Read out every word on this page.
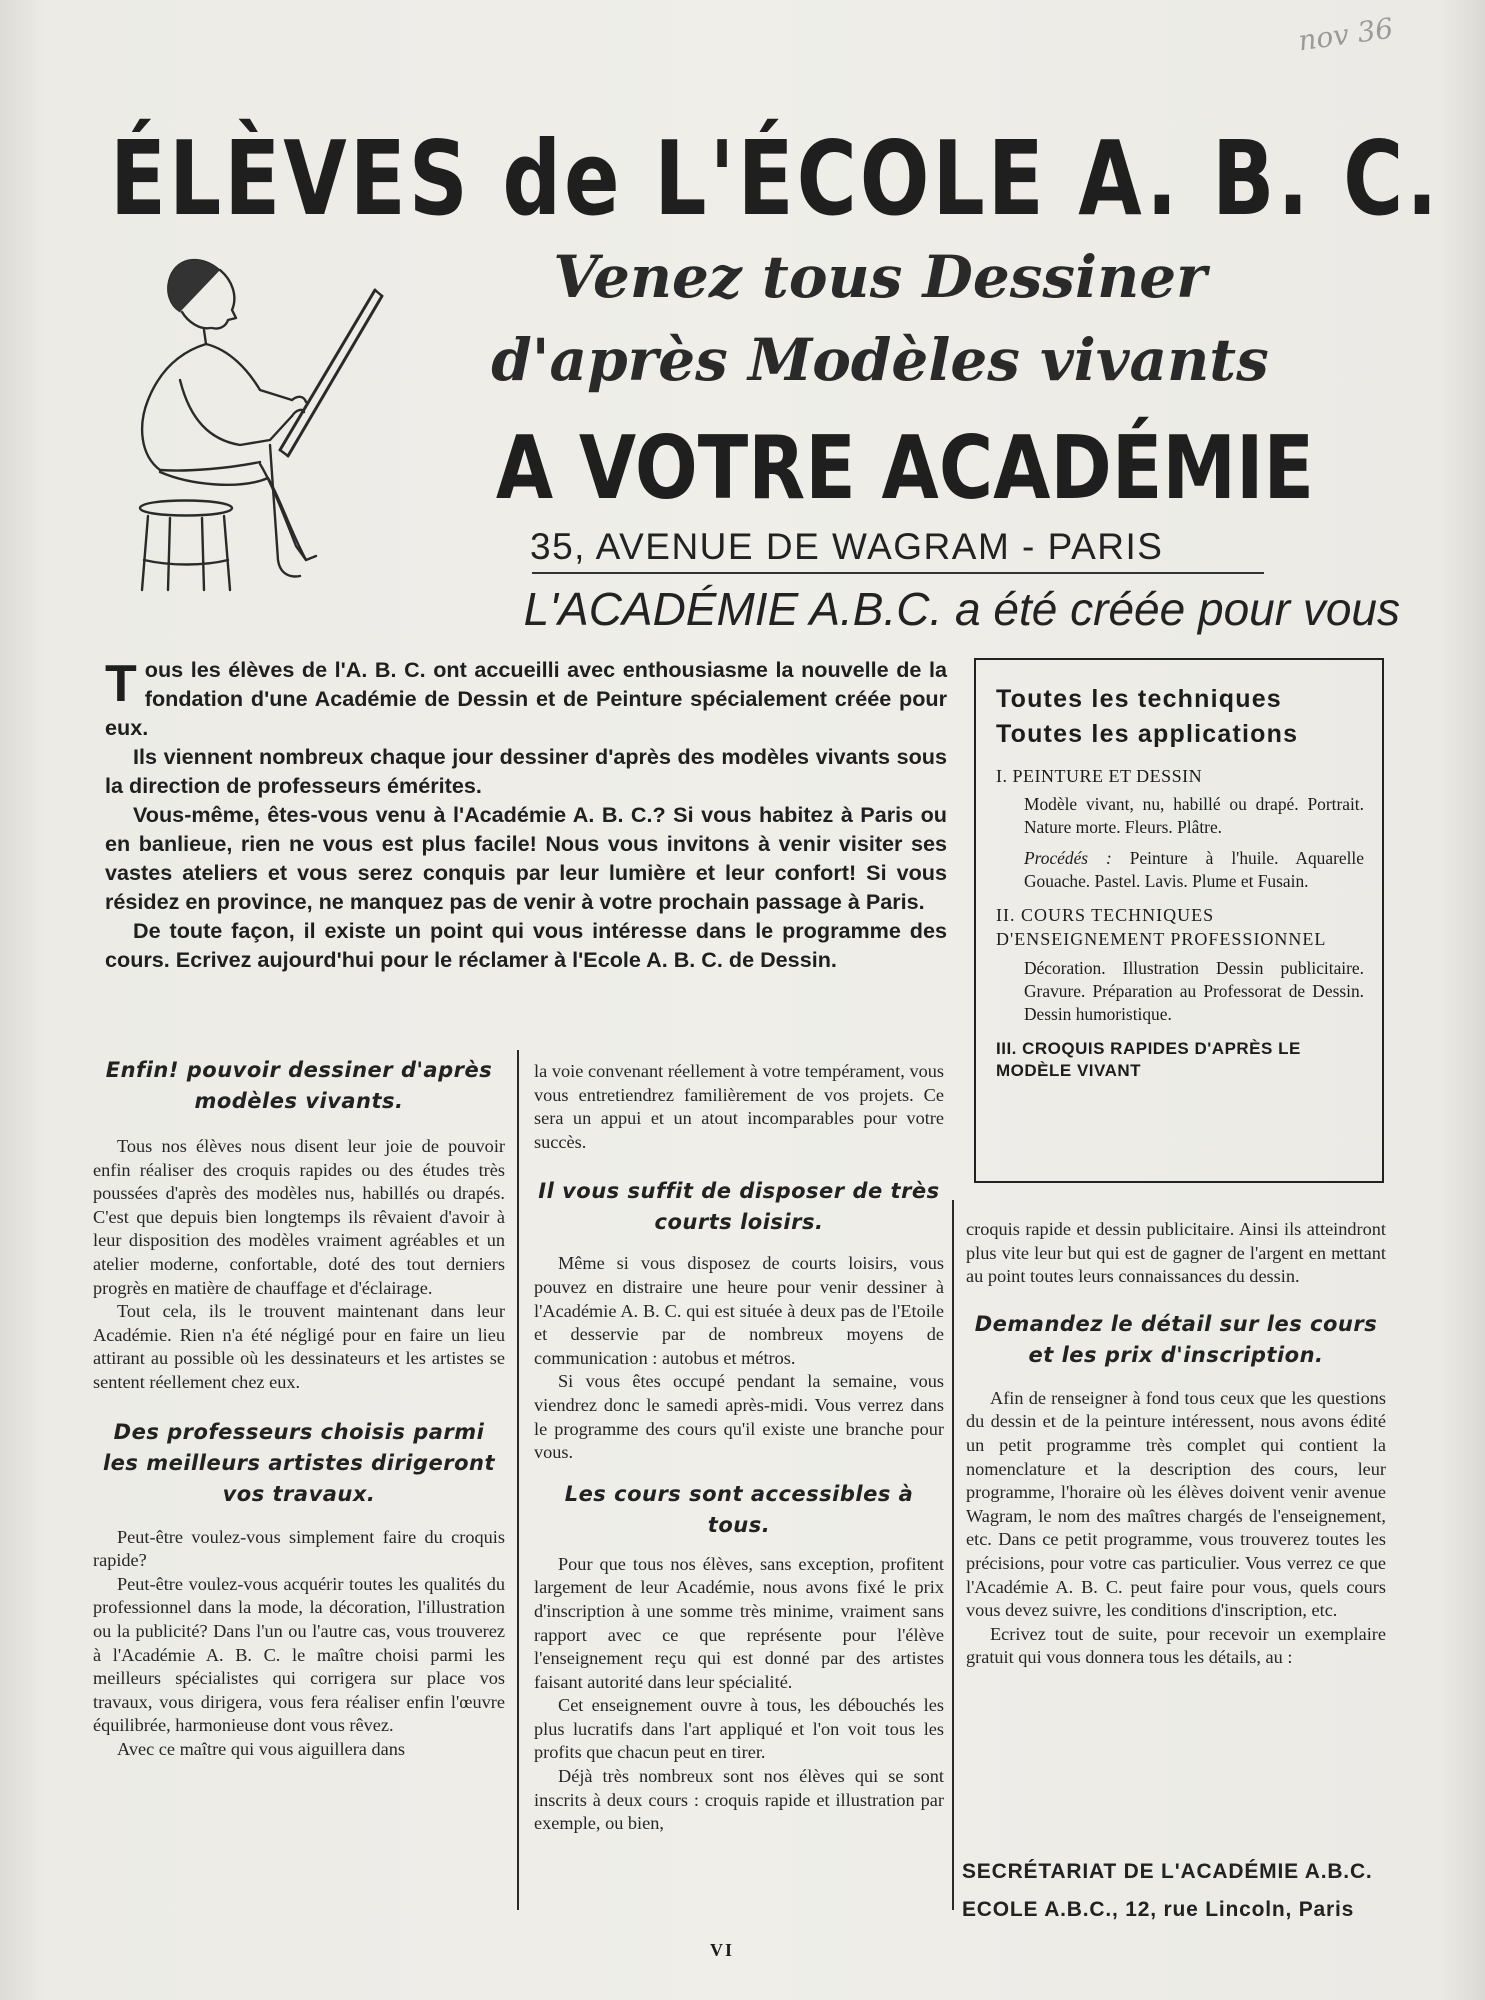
nov 36
ÉLÈVES de L'ÉCOLE A. B. C.
Venez tous Dessiner
d'après Modèles vivants
A VOTRE ACADÉMIE
35, AVENUE DE WAGRAM - PARIS
L'ACADÉMIE A.B.C. a été créée pour vous

Tous les élèves de l'A. B. C. ont accueilli avec enthousiasme la nouvelle de la fondation d'une Académie de Dessin et de Peinture spécialement créée pour eux.

Ils viennent nombreux chaque jour dessiner d'après des modèles vivants sous la direction de professeurs émérites.

Vous-même, êtes-vous venu à l'Académie A. B. C.? Si vous habitez à Paris ou en banlieue, rien ne vous est plus facile! Nous vous invitons à venir visiter ses vastes ateliers et vous serez conquis par leur lumière et leur confort! Si vous résidez en province, ne manquez pas de venir à votre prochain passage à Paris.

De toute façon, il existe un point qui vous intéresse dans le programme des cours. Ecrivez aujourd'hui pour le réclamer à l'Ecole A. B. C. de Dessin.

Toutes les techniques
Toutes les applications
I. PEINTURE ET DESSIN
Modèle vivant, nu, habillé ou drapé. Portrait. Nature morte. Fleurs. Plâtre.
Procédés : Peinture à l'huile. Aquarelle Gouache. Pastel. Lavis. Plume et Fusain.
II. COURS TECHNIQUES D'ENSEIGNEMENT PROFESSIONNEL
Décoration. Illustration Dessin publicitaire. Gravure. Préparation au Professorat de Dessin. Dessin humoristique.
III. CROQUIS RAPIDES D'APRÈS LE MODÈLE VIVANT
Enfin! pouvoir dessiner d'après modèles vivants.

Tous nos élèves nous disent leur joie de pouvoir enfin réaliser des croquis rapides ou des études très poussées d'après des modèles nus, habillés ou drapés. C'est que depuis bien longtemps ils rêvaient d'avoir à leur disposition des modèles vraiment agréables et un atelier moderne, confortable, doté des tout derniers progrès en matière de chauffage et d'éclairage.

Tout cela, ils le trouvent maintenant dans leur Académie. Rien n'a été négligé pour en faire un lieu attirant au possible où les dessinateurs et les artistes se sentent réellement chez eux.

Des professeurs choisis parmi les meilleurs artistes dirigeront vos travaux.

Peut-être voulez-vous simplement faire du croquis rapide?

Peut-être voulez-vous acquérir toutes les qualités du professionnel dans la mode, la décoration, l'illustration ou la publicité? Dans l'un ou l'autre cas, vous trouverez à l'Académie A. B. C. le maître choisi parmi les meilleurs spécialistes qui corrigera sur place vos travaux, vous dirigera, vous fera réaliser enfin l'œuvre équilibrée, harmonieuse dont vous rêvez.

Avec ce maître qui vous aiguillera dans

la voie convenant réellement à votre tempérament, vous vous entretiendrez familièrement de vos projets. Ce sera un appui et un atout incomparables pour votre succès.

Il vous suffit de disposer de très courts loisirs.

Même si vous disposez de courts loisirs, vous pouvez en distraire une heure pour venir dessiner à l'Académie A. B. C. qui est située à deux pas de l'Etoile et desservie par de nombreux moyens de communication : autobus et métros.

Si vous êtes occupé pendant la semaine, vous viendrez donc le samedi après-midi. Vous verrez dans le programme des cours qu'il existe une branche pour vous.

Les cours sont accessibles à tous.

Pour que tous nos élèves, sans exception, profitent largement de leur Académie, nous avons fixé le prix d'inscription à une somme très minime, vraiment sans rapport avec ce que représente pour l'élève l'enseignement reçu qui est donné par des artistes faisant autorité dans leur spécialité.

Cet enseignement ouvre à tous, les débouchés les plus lucratifs dans l'art appliqué et l'on voit tous les profits que chacun peut en tirer.

Déjà très nombreux sont nos élèves qui se sont inscrits à deux cours : croquis rapide et illustration par exemple, ou bien,

croquis rapide et dessin publicitaire. Ainsi ils atteindront plus vite leur but qui est de gagner de l'argent en mettant au point toutes leurs connaissances du dessin.

Demandez le détail sur les cours et les prix d'inscription.

Afin de renseigner à fond tous ceux que les questions du dessin et de la peinture intéressent, nous avons édité un petit programme très complet qui contient la nomenclature et la description des cours, leur programme, l'horaire où les élèves doivent venir avenue Wagram, le nom des maîtres chargés de l'enseignement, etc. Dans ce petit programme, vous trouverez toutes les précisions, pour votre cas particulier. Vous verrez ce que l'Académie A. B. C. peut faire pour vous, quels cours vous devez suivre, les conditions d'inscription, etc.

Ecrivez tout de suite, pour recevoir un exemplaire gratuit qui vous donnera tous les détails, au :

SECRÉTARIAT DE L'ACADÉMIE A.B.C.
ECOLE A.B.C., 12, rue Lincoln, Paris
VI
